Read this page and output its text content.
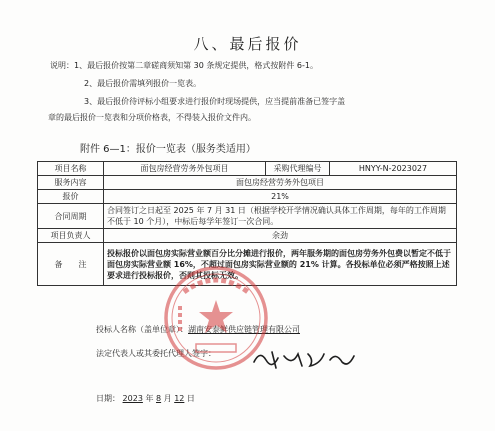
八、最后报价
说明：1、最后报价按第二章磋商须知第 30 条规定提供，格式按附件 6-1。
2、最后报价需填列报价一览表。
3、最后报价待评标小组要求进行报价时现场提供，应当提前准备已签字盖
章的最后报价一览表和分项价格表，不得装入报价文件内。
附件 6—1：报价一览表（服务类适用）
项目名称	面包房经营劳务外包项目	采购代理编号	HNYY-N-2023027
服务内容	面包房经营劳务外包项目		
报价	21%		
合同周期	合同签订之日起至 2025 年 7 月 31 日（根据学校开学情况确认具体工作周期，每年的工作周期不低于 10 个月），中标后每学年签订一次合同。		
项目负责人	余劲		
备　　注	投标报价以面包房实际营业额百分比分摊进行报价，两年服务期的面包房劳务外包费以暂定不低于面包房实际营业额 16%，不超过面包房实际营业额的 21% 计算。各投标单位必须严格按照上述要求进行投标报价，否则其投标无效。		
投标人名称（盖单位章）：湖南安泰鲜供应链管理有限公司
法定代表人或其委托代理人签字：
日期： 2023 年 8 月 12 日
